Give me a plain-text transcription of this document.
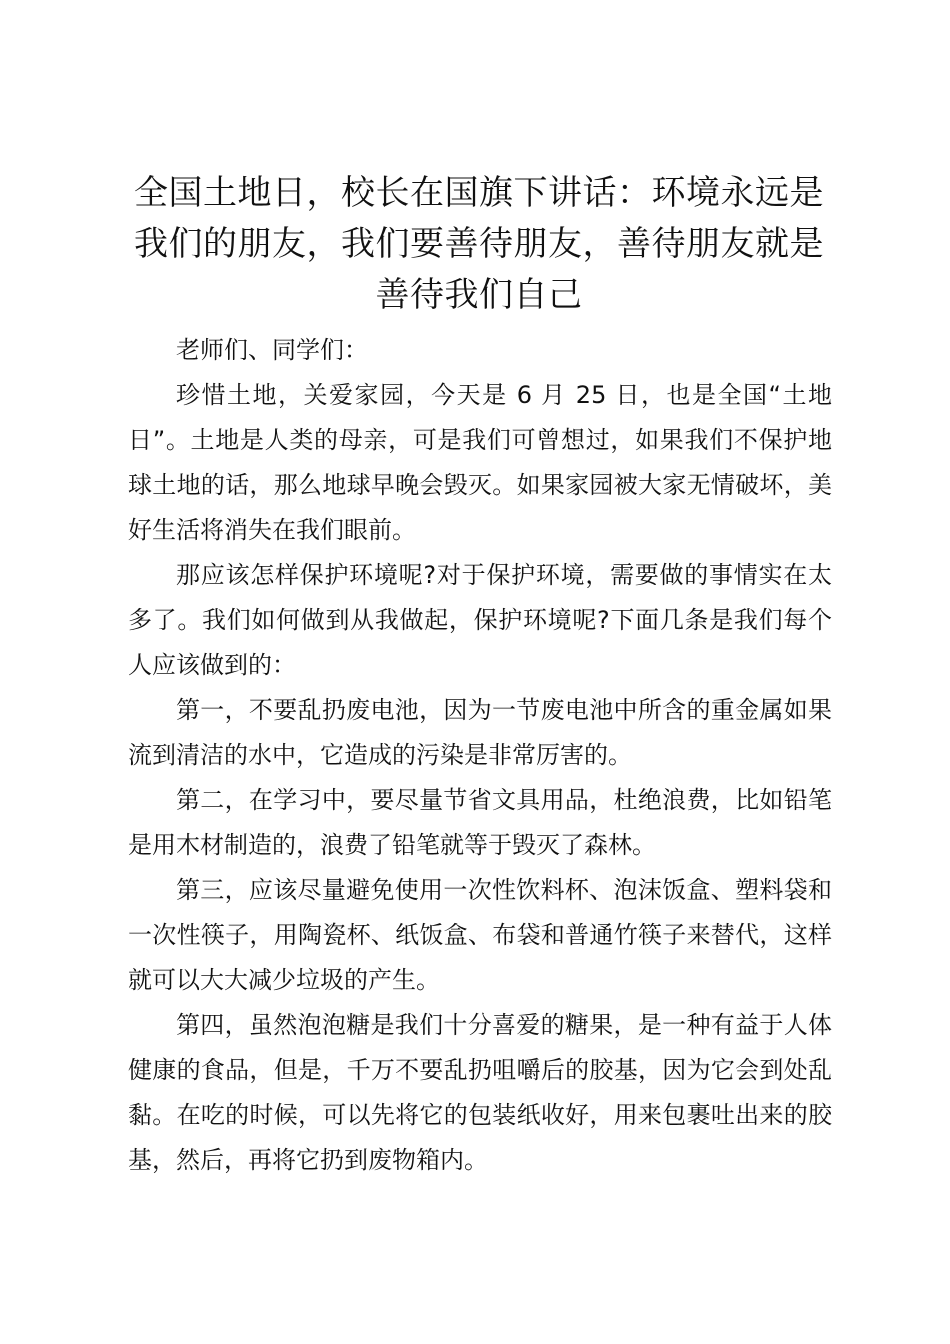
全国土地日，校长在国旗下讲话：环境永远是我们的朋友，我们要善待朋友，善待朋友就是善待我们自己

老师们、同学们：

珍惜土地，关爱家园，今天是 6 月 25 日，也是全国“土地日”。土地是人类的母亲，可是我们可曾想过，如果我们不保护地球土地的话，那么地球早晚会毁灭。如果家园被大家无情破坏，美好生活将消失在我们眼前。

那应该怎样保护环境呢?对于保护环境，需要做的事情实在太多了。我们如何做到从我做起，保护环境呢?下面几条是我们每个人应该做到的：

第一，不要乱扔废电池，因为一节废电池中所含的重金属如果流到清洁的水中，它造成的污染是非常厉害的。

第二，在学习中，要尽量节省文具用品，杜绝浪费，比如铅笔是用木材制造的，浪费了铅笔就等于毁灭了森林。

第三，应该尽量避免使用一次性饮料杯、泡沫饭盒、塑料袋和一次性筷子，用陶瓷杯、纸饭盒、布袋和普通竹筷子来替代，这样就可以大大减少垃圾的产生。

第四，虽然泡泡糖是我们十分喜爱的糖果，是一种有益于人体健康的食品，但是，千万不要乱扔咀嚼后的胶基，因为它会到处乱黏。在吃的时候，可以先将它的包装纸收好，用来包裹吐出来的胶基，然后，再将它扔到废物箱内。
